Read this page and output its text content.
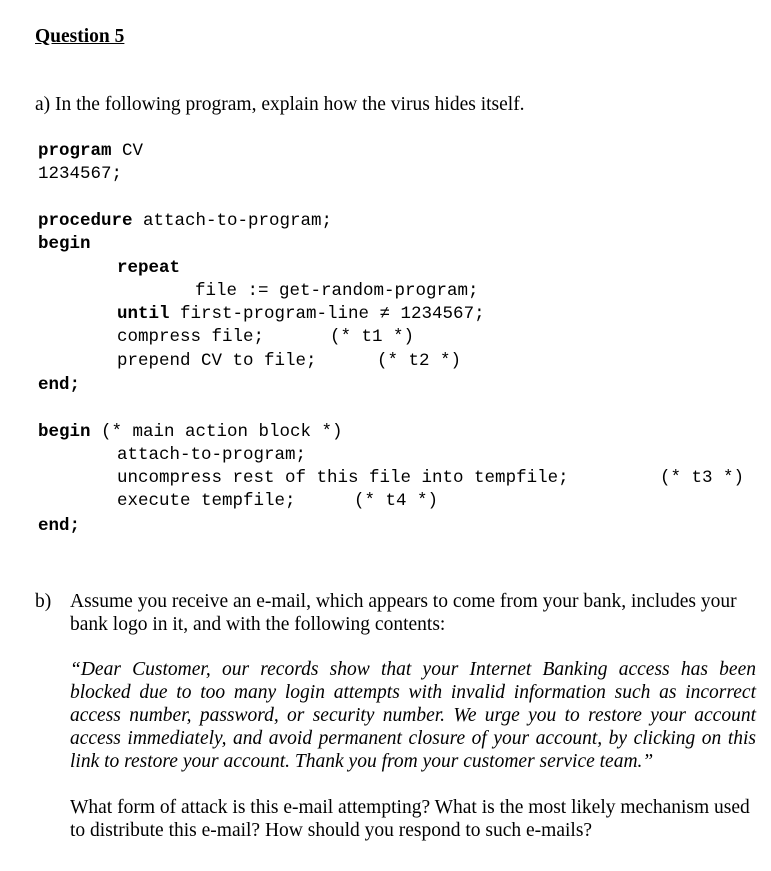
Question 5
a) In the following program, explain how the virus hides itself.
program CV
1234567;
procedure attach-to-program;
begin
repeat
file := get-random-program;
until first-program-line ≠ 1234567;
compress file;	(* t1 *)
prepend CV to file;	(* t2 *)
end;
begin (* main action block *)
attach-to-program;
uncompress rest of this file into tempfile;	(* t3 *)
execute tempfile;	(* t4 *)
end;
b) Assume you receive an e-mail, which appears to come from your bank, includes your
bank logo in it, and with the following contents:
“Dear Customer, our records show that your Internet Banking access has been
blocked due to too many login attempts with invalid information such as incorrect
access number, password, or security number. We urge you to restore your account
access immediately, and avoid permanent closure of your account, by clicking on this
link to restore your account. Thank you from your customer service team.”
What form of attack is this e-mail attempting? What is the most likely mechanism used
to distribute this e-mail? How should you respond to such e-mails?
